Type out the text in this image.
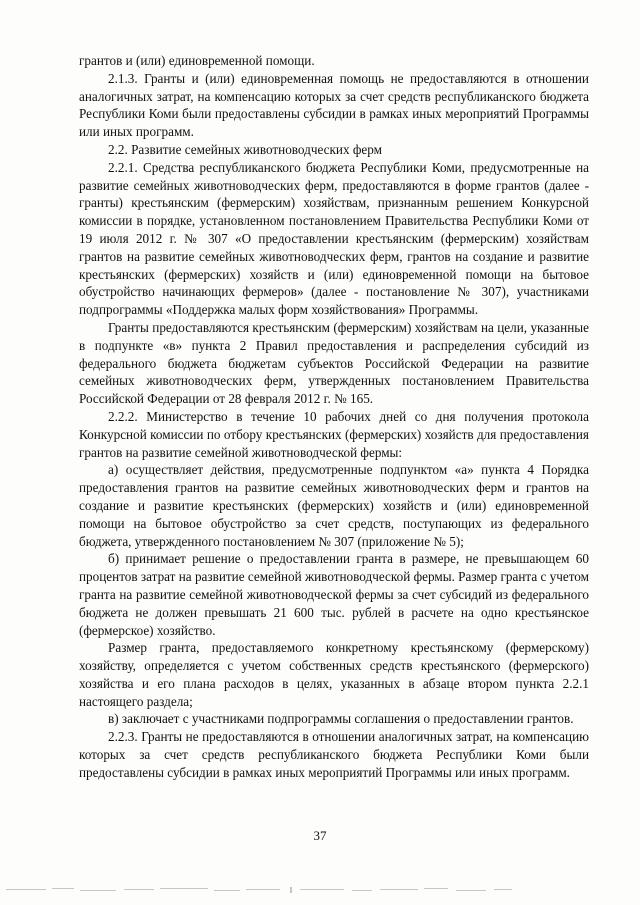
грантов и (или) единовременной помощи.

2.1.3. Гранты и (или) единовременная помощь не предоставляются в отношении аналогичных затрат, на компенсацию которых за счет средств республиканского бюджета Республики Коми были предоставлены субсидии в рамках иных мероприятий Программы или иных программ.

2.2. Развитие семейных животноводческих ферм

2.2.1. Средства республиканского бюджета Республики Коми, предусмотренные на развитие семейных животноводческих ферм, предоставляются в форме грантов (далее - гранты) крестьянским (фермерским) хозяйствам, признанным решением Конкурсной комиссии в порядке, установленном постановлением Правительства Республики Коми от 19 июля 2012 г. № 307 «О предоставлении крестьянским (фермерским) хозяйствам грантов на развитие семейных животноводческих ферм, грантов на создание и развитие крестьянских (фермерских) хозяйств и (или) единовременной помощи на бытовое обустройство начинающих фермеров» (далее - постановление № 307), участниками подпрограммы «Поддержка малых форм хозяйствования» Программы.

Гранты предоставляются крестьянским (фермерским) хозяйствам на цели, указанные в подпункте «в» пункта 2 Правил предоставления и распределения субсидий из федерального бюджета бюджетам субъектов Российской Федерации на развитие семейных животноводческих ферм, утвержденных постановлением Правительства Российской Федерации от 28 февраля 2012 г. № 165.

2.2.2. Министерство в течение 10 рабочих дней со дня получения протокола Конкурсной комиссии по отбору крестьянских (фермерских) хозяйств для предоставления грантов на развитие семейной животноводческой фермы:

а) осуществляет действия, предусмотренные подпунктом «а» пункта 4 Порядка предоставления грантов на развитие семейных животноводческих ферм и грантов на создание и развитие крестьянских (фермерских) хозяйств и (или) единовременной помощи на бытовое обустройство за счет средств, поступающих из федерального бюджета, утвержденного постановлением № 307 (приложение № 5);

б) принимает решение о предоставлении гранта в размере, не превышающем 60 процентов затрат на развитие семейной животноводческой фермы. Размер гранта с учетом гранта на развитие семейной животноводческой фермы за счет субсидий из федерального бюджета не должен превышать 21 600 тыс. рублей в расчете на одно крестьянское (фермерское) хозяйство.

Размер гранта, предоставляемого конкретному крестьянскому (фермерскому) хозяйству, определяется с учетом собственных средств крестьянского (фермерского) хозяйства и его плана расходов в целях, указанных в абзаце втором пункта 2.2.1 настоящего раздела;

в) заключает с участниками подпрограммы соглашения о предоставлении грантов.

2.2.3. Гранты не предоставляются в отношении аналогичных затрат, на компенсацию которых за счет средств республиканского бюджета Республики Коми были предоставлены субсидии в рамках иных мероприятий Программы или иных программ.

37
